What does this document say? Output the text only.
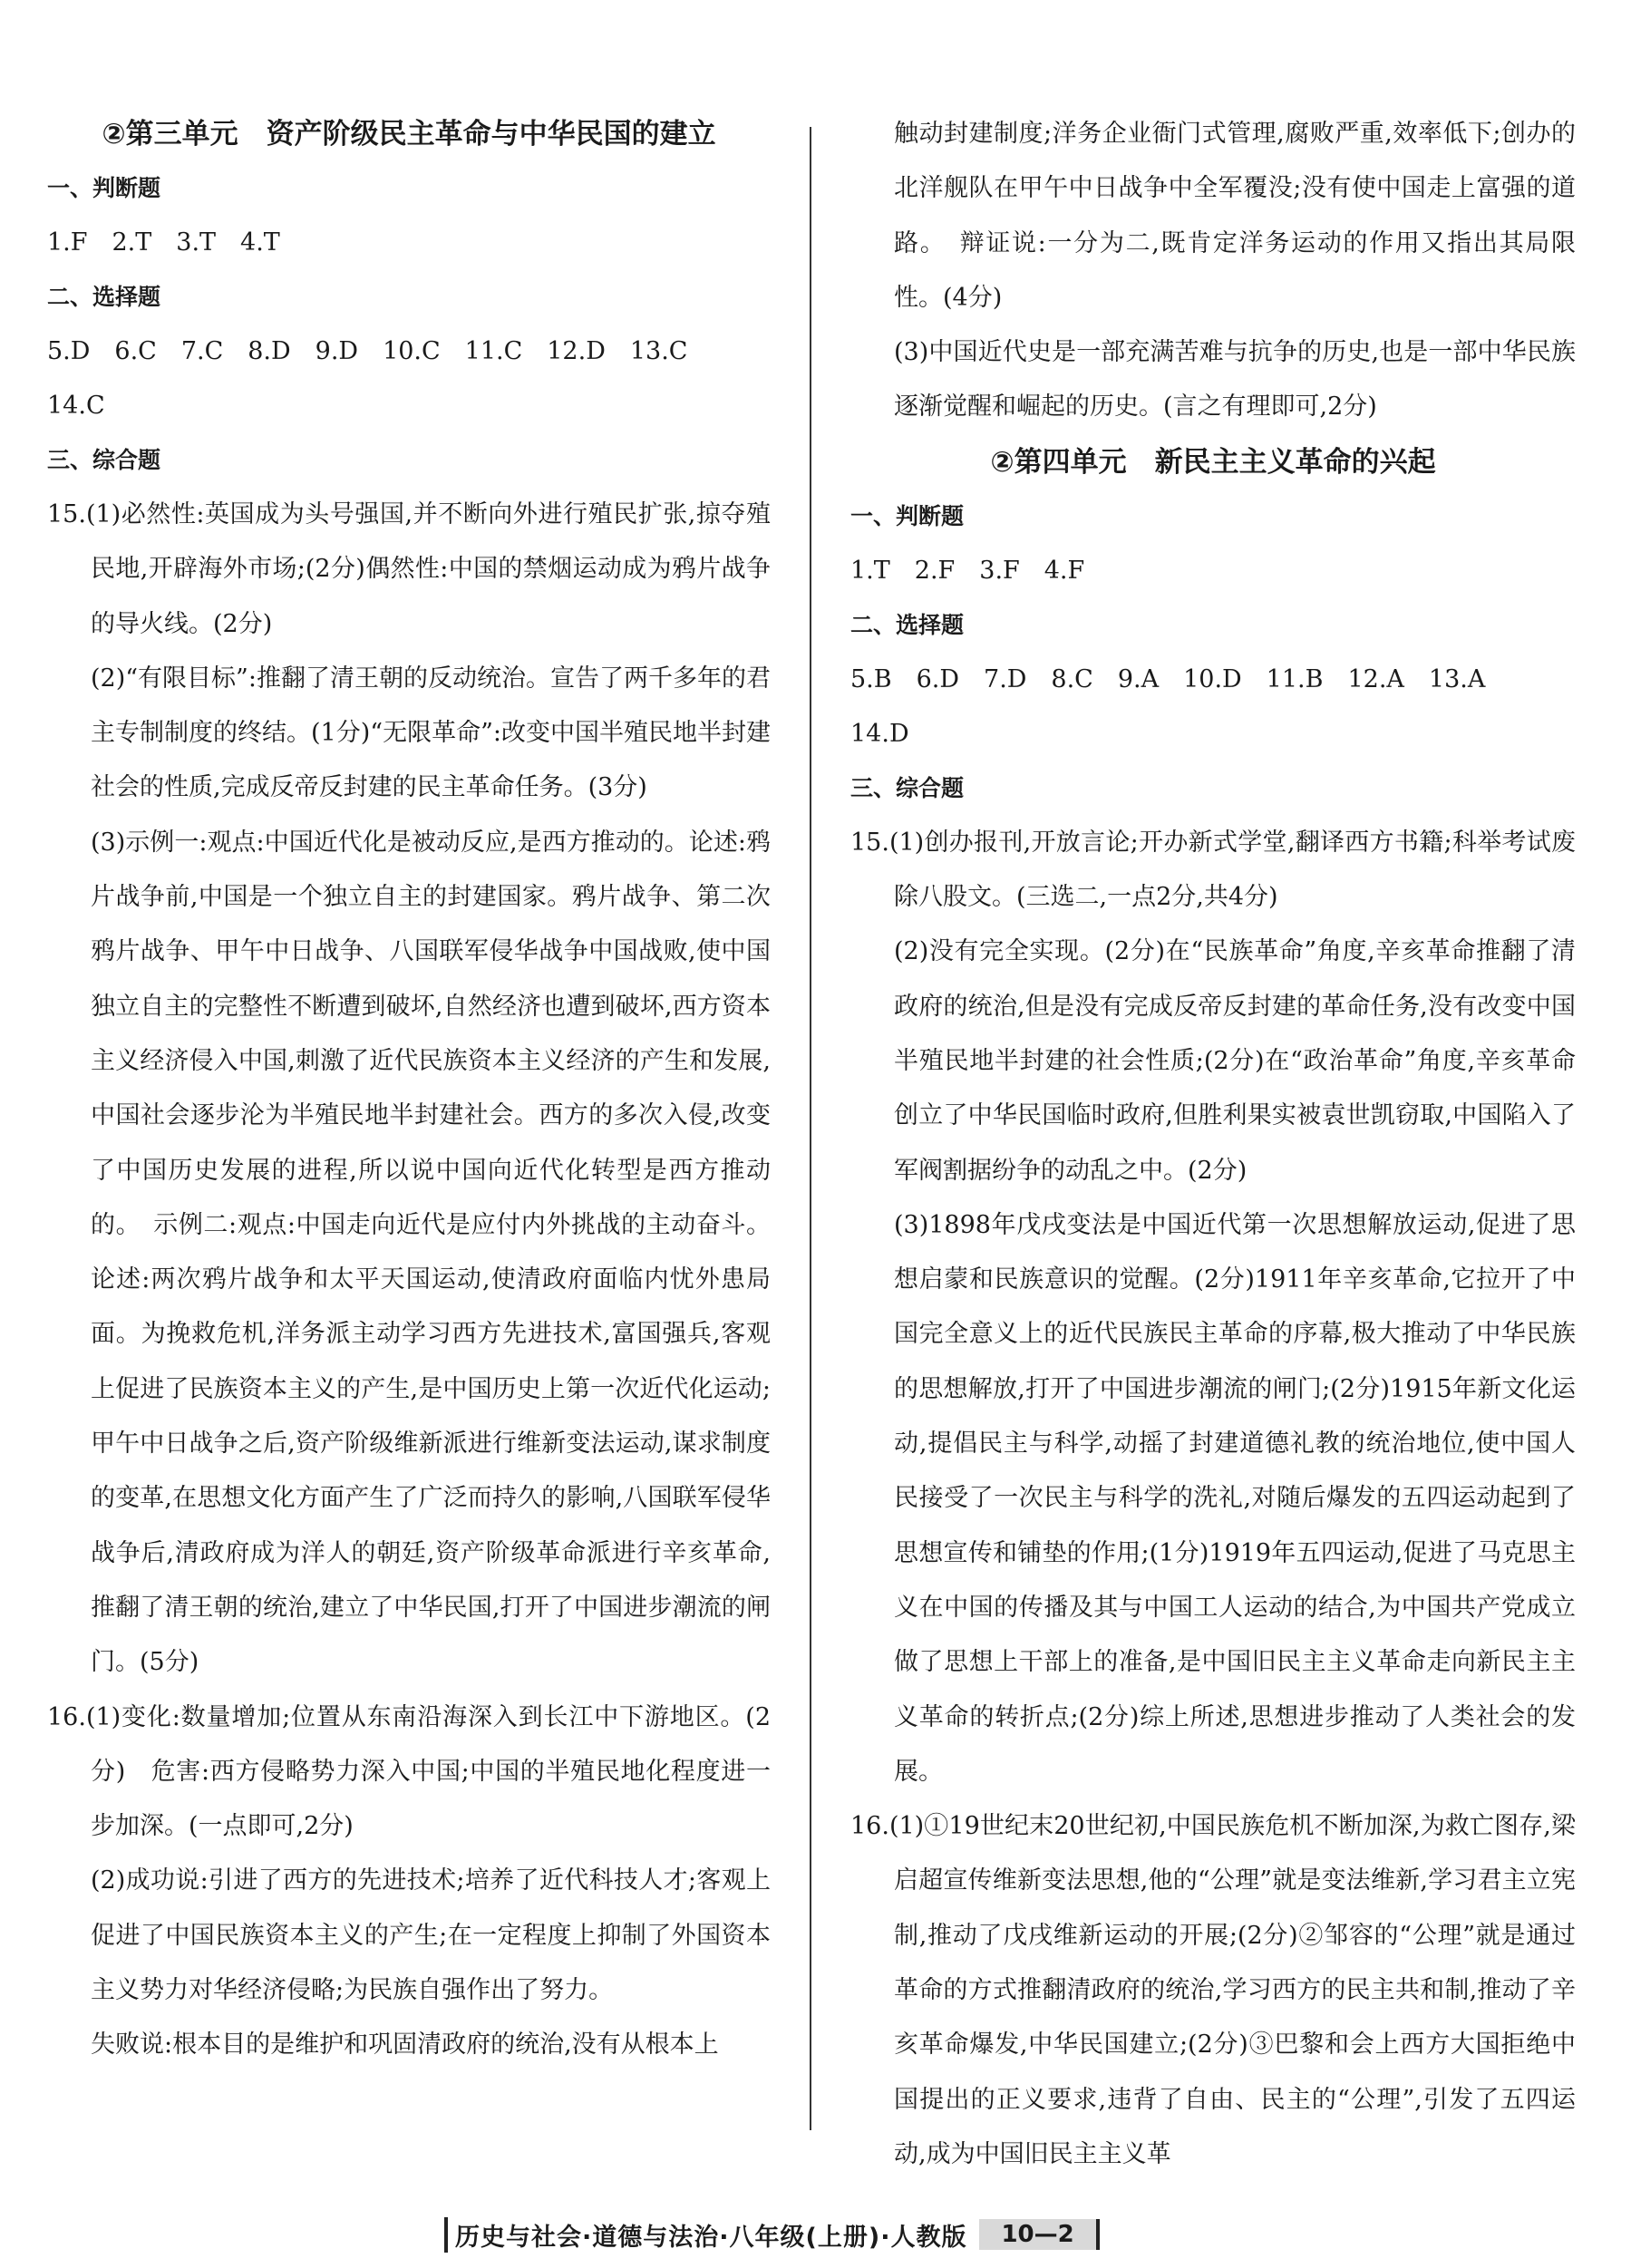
②第三单元　资产阶级民主革命与中华民国的建立

一、判断题

1.F　2.T　3.T　4.T

二、选择题

5.D　6.C　7.C　8.D　9.D　10.C　11.C　12.D　13.C

14.C

三、综合题

15.(1)必然性:英国成为头号强国,并不断向外进行殖民扩张,掠夺殖民地,开辟海外市场;(2分)偶然性:中国的禁烟运动成为鸦片战争的导火线。(2分)

(2)“有限目标”:推翻了清王朝的反动统治。宣告了两千多年的君主专制制度的终结。(1分)“无限革命”:改变中国半殖民地半封建社会的性质,完成反帝反封建的民主革命任务。(3分)

(3)示例一:观点:中国近代化是被动反应,是西方推动的。论述:鸦片战争前,中国是一个独立自主的封建国家。鸦片战争、第二次鸦片战争、甲午中日战争、八国联军侵华战争中国战败,使中国独立自主的完整性不断遭到破坏,自然经济也遭到破坏,西方资本主义经济侵入中国,刺激了近代民族资本主义经济的产生和发展,中国社会逐步沦为半殖民地半封建社会。西方的多次入侵,改变了中国历史发展的进程,所以说中国向近代化转型是西方推动的。　示例二:观点:中国走向近代是应付内外挑战的主动奋斗。论述:两次鸦片战争和太平天国运动,使清政府面临内忧外患局面。为挽救危机,洋务派主动学习西方先进技术,富国强兵,客观上促进了民族资本主义的产生,是中国历史上第一次近代化运动;甲午中日战争之后,资产阶级维新派进行维新变法运动,谋求制度的变革,在思想文化方面产生了广泛而持久的影响,八国联军侵华战争后,清政府成为洋人的朝廷,资产阶级革命派进行辛亥革命,推翻了清王朝的统治,建立了中华民国,打开了中国进步潮流的闸门。(5分)

16.(1)变化:数量增加;位置从东南沿海深入到长江中下游地区。(2分)　危害:西方侵略势力深入中国;中国的半殖民地化程度进一步加深。(一点即可,2分)

(2)成功说:引进了西方的先进技术;培养了近代科技人才;客观上促进了中国民族资本主义的产生;在一定程度上抑制了外国资本主义势力对华经济侵略;为民族自强作出了努力。

失败说:根本目的是维护和巩固清政府的统治,没有从根本上

触动封建制度;洋务企业衙门式管理,腐败严重,效率低下;创办的北洋舰队在甲午中日战争中全军覆没;没有使中国走上富强的道路。　辩证说:一分为二,既肯定洋务运动的作用又指出其局限性。(4分)

(3)中国近代史是一部充满苦难与抗争的历史,也是一部中华民族逐渐觉醒和崛起的历史。(言之有理即可,2分)

②第四单元　新民主主义革命的兴起

一、判断题

1.T　2.F　3.F　4.F

二、选择题

5.B　6.D　7.D　8.C　9.A　10.D　11.B　12.A　13.A

14.D

三、综合题

15.(1)创办报刊,开放言论;开办新式学堂,翻译西方书籍;科举考试废除八股文。(三选二,一点2分,共4分)

(2)没有完全实现。(2分)在“民族革命”角度,辛亥革命推翻了清政府的统治,但是没有完成反帝反封建的革命任务,没有改变中国半殖民地半封建的社会性质;(2分)在“政治革命”角度,辛亥革命创立了中华民国临时政府,但胜利果实被袁世凯窃取,中国陷入了军阀割据纷争的动乱之中。(2分)

(3)1898年戊戌变法是中国近代第一次思想解放运动,促进了思想启蒙和民族意识的觉醒。(2分)1911年辛亥革命,它拉开了中国完全意义上的近代民族民主革命的序幕,极大推动了中华民族的思想解放,打开了中国进步潮流的闸门;(2分)1915年新文化运动,提倡民主与科学,动摇了封建道德礼教的统治地位,使中国人民接受了一次民主与科学的洗礼,对随后爆发的五四运动起到了思想宣传和铺垫的作用;(1分)1919年五四运动,促进了马克思主义在中国的传播及其与中国工人运动的结合,为中国共产党成立做了思想上干部上的准备,是中国旧民主主义革命走向新民主主义革命的转折点;(2分)综上所述,思想进步推动了人类社会的发展。

16.(1)①19世纪末20世纪初,中国民族危机不断加深,为救亡图存,梁启超宣传维新变法思想,他的“公理”就是变法维新,学习君主立宪制,推动了戊戌维新运动的开展;(2分)②邹容的“公理”就是通过革命的方式推翻清政府的统治,学习西方的民主共和制,推动了辛亥革命爆发,中华民国建立;(2分)③巴黎和会上西方大国拒绝中国提出的正义要求,违背了自由、民主的“公理”,引发了五四运动,成为中国旧民主主义革

历史与社会·道德与法治·八年级(上册)·人教版	10—2
